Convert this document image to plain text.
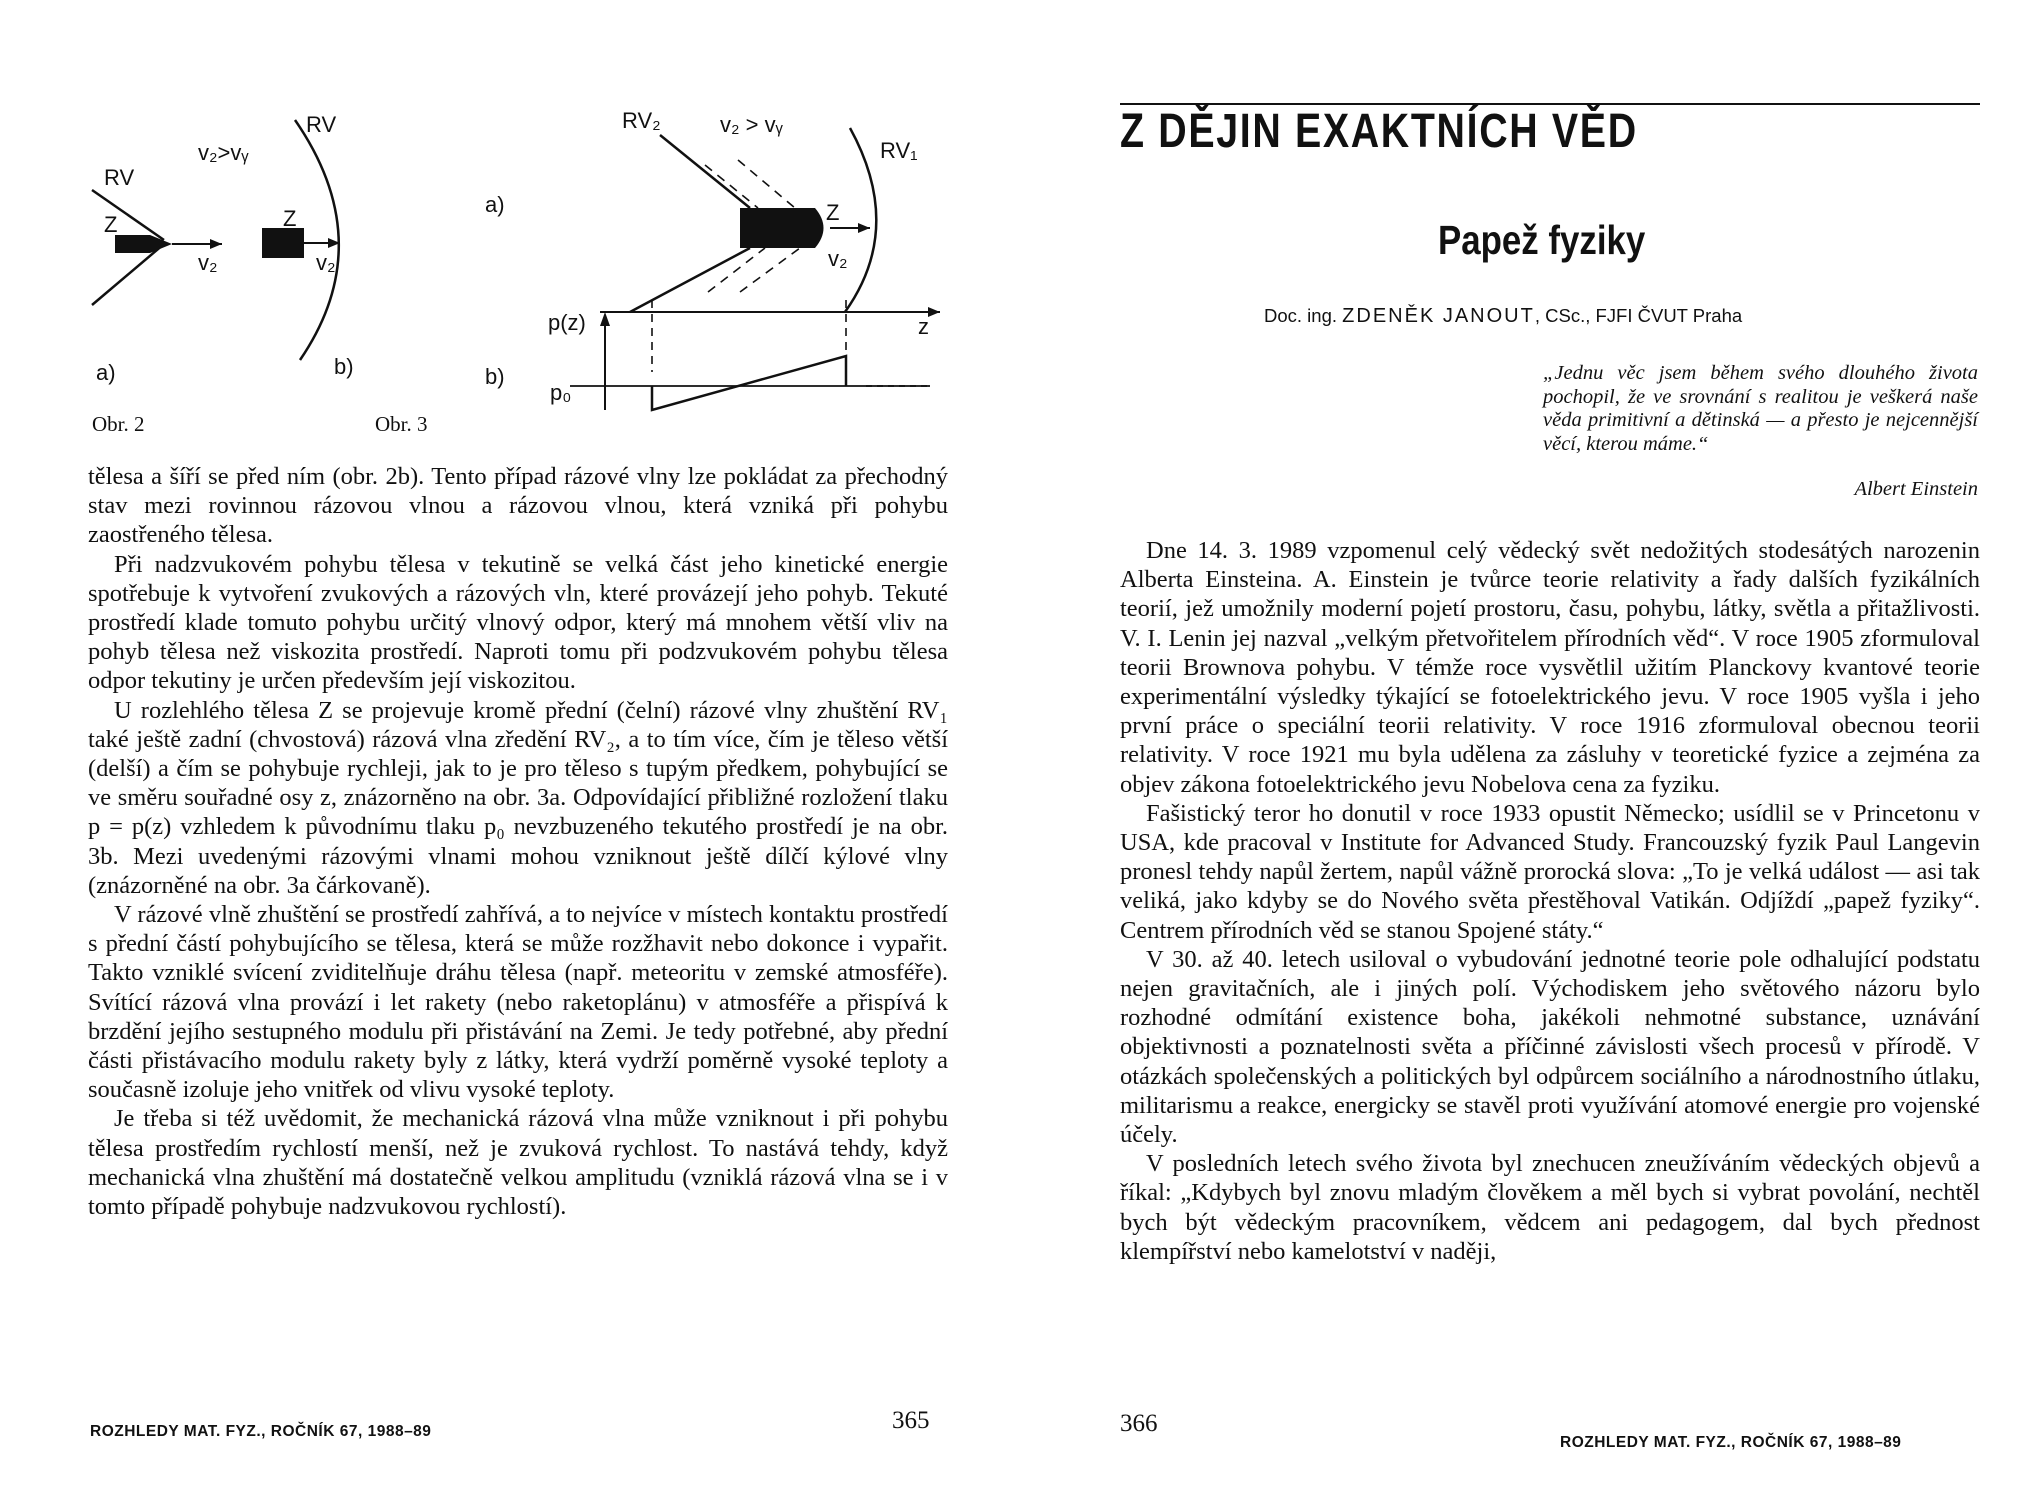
RV
v₂>vᵧ
RV
Z
v₂
Z
v₂
a)	b)
a)
RV₂	v₂ > vᵧ
RV₁
Z
v₂
p(z)	z
b)
p₀
Obr. 2	Obr. 3

tělesa a šíří se před ním (obr. 2b). Tento případ rázové vlny lze pokládat za přechodný stav mezi rovinnou rázovou vlnou a rázovou vlnou, která vzniká při pohybu zaostřeného tělesa.

Při nadzvukovém pohybu tělesa v tekutině se velká část jeho kinetické energie spotřebuje k vytvoření zvukových a rázových vln, které provázejí jeho pohyb. Tekuté prostředí klade tomuto pohybu určitý vlnový odpor, který má mnohem větší vliv na pohyb tělesa než viskozita prostředí. Naproti tomu při podzvukovém pohybu tělesa odpor tekutiny je určen především její viskozitou.

U rozlehlého tělesa Z se projevuje kromě přední (čelní) rázové vlny zhuštění RV₁ také ještě zadní (chvostová) rázová vlna zředění RV₂, a to tím více, čím je těleso větší (delší) a čím se pohybuje rychleji, jak to je pro těleso s tupým předkem, pohybující se ve směru souřadné osy z, znázorněno na obr. 3a. Odpovídající přibližné rozložení tlaku p = p(z) vzhledem k původnímu tlaku p₀ nevzbuzeného tekutého prostředí je na obr. 3b. Mezi uvedenými rázovými vlnami mohou vzniknout ještě dílčí kýlové vlny (znázorněné na obr. 3a čárkovaně).

V rázové vlně zhuštění se prostředí zahřívá, a to nejvíce v místech kontaktu prostředí s přední částí pohybujícího se tělesa, která se může rozžhavit nebo dokonce i vypařit. Takto vzniklé svícení zviditelňuje dráhu tělesa (např. meteoritu v zemské atmosféře). Svítící rázová vlna provází i let rakety (nebo raketoplánu) v atmosféře a přispívá k brzdění jejího sestupného modulu při přistávání na Zemi. Je tedy potřebné, aby přední části přistávacího modulu rakety byly z látky, která vydrží poměrně vysoké teploty a současně izoluje jeho vnitřek od vlivu vysoké teploty.

Je třeba si též uvědomit, že mechanická rázová vlna může vzniknout i při pohybu tělesa prostředím rychlostí menší, než je zvuková rychlost. To nastává tehdy, když mechanická vlna zhuštění má dostatečně velkou amplitudu (vzniklá rázová vlna se i v tomto případě pohybuje nadzvukovou rychlostí).

ROZHLEDY MAT. FYZ., ROČNÍK 67, 1988–89	365
Z DĚJIN EXAKTNÍCH VĚD
Papež fyziky
Doc. ing. ZDENĚK JANOUT, CSc., FJFI ČVUT Praha
„Jednu věc jsem během svého dlouhého života pochopil, že ve srovnání s realitou je veškerá naše věda primitivní a dětinská — a přesto je nejcennější věcí, kterou máme.“
Albert Einstein

Dne 14. 3. 1989 vzpomenul celý vědecký svět nedožitých stodesátých narozenin Alberta Einsteina. A. Einstein je tvůrce teorie relativity a řady dalších fyzikálních teorií, jež umožnily moderní pojetí prostoru, času, pohybu, látky, světla a přitažlivosti. V. I. Lenin jej nazval „velkým přetvořitelem přírodních věd“. V roce 1905 zformuloval teorii Brownova pohybu. V témže roce vysvětlil užitím Planckovy kvantové teorie experimentální výsledky týkající se fotoelektrického jevu. V roce 1905 vyšla i jeho první práce o speciální teorii relativity. V roce 1916 zformuloval obecnou teorii relativity. V roce 1921 mu byla udělena za zásluhy v teoretické fyzice a zejména za objev zákona fotoelektrického jevu Nobelova cena za fyziku.

Fašistický teror ho donutil v roce 1933 opustit Německo; usídlil se v Princetonu v USA, kde pracoval v Institute for Advanced Study. Francouzský fyzik Paul Langevin pronesl tehdy napůl žertem, napůl vážně prorocká slova: „To je velká událost — asi tak veliká, jako kdyby se do Nového světa přestěhoval Vatikán. Odjíždí „papež fyziky“. Centrem přírodních věd se stanou Spojené státy.“

V 30. až 40. letech usiloval o vybudování jednotné teorie pole odhalující podstatu nejen gravitačních, ale i jiných polí. Východiskem jeho světového názoru bylo rozhodné odmítání existence boha, jakékoli nehmotné substance, uznávání objektivnosti a poznatelnosti světa a příčinné závislosti všech procesů v přírodě. V otázkách společenských a politických byl odpůrcem sociálního a národnostního útlaku, militarismu a reakce, energicky se stavěl proti využívání atomové energie pro vojenské účely.

V posledních letech svého života byl znechucen zneužíváním vědeckých objevů a říkal: „Kdybych byl znovu mladým člověkem a měl bych si vybrat povolání, nechtěl bych být vědeckým pracovníkem, vědcem ani pedagogem, dal bych přednost klempířství nebo kamelotství v naději,

366
ROZHLEDY MAT. FYZ., ROČNÍK 67, 1988–89
